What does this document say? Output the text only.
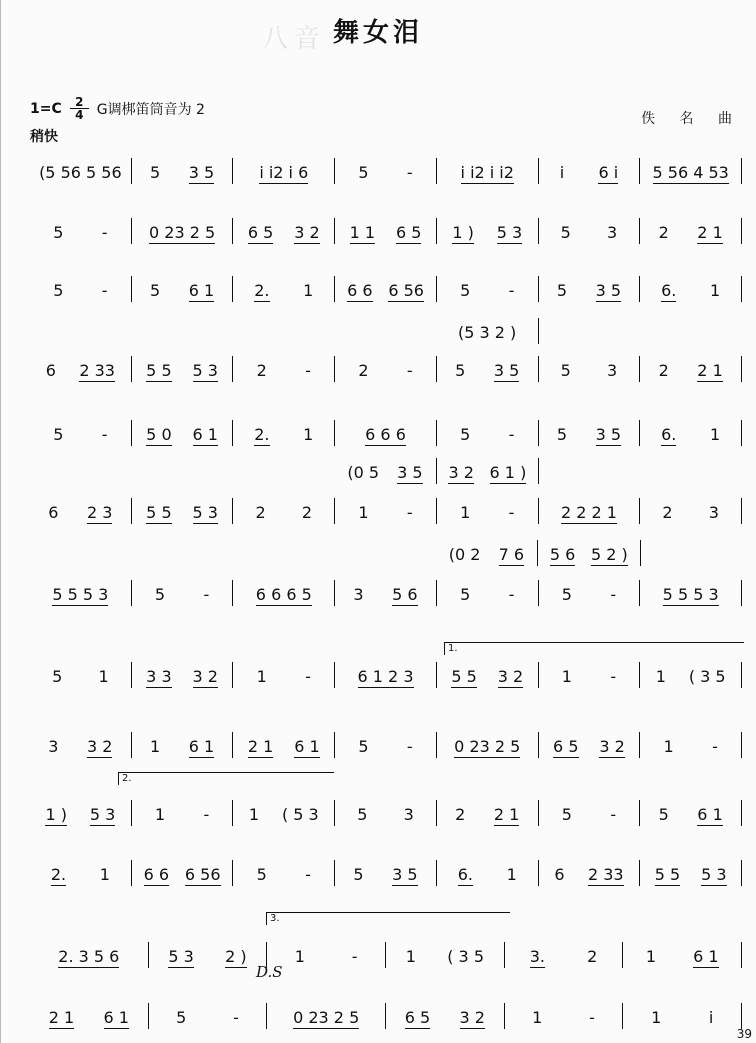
八音 舞女泪
1=C 2
4 G调梆笛筒音为 2
稍快
佚 名 曲
(5 56 5 56 5 3 5	i i2 i 6	5 -	i i2 i i2	i 6 i 5 56 4 53
5 -	0 23 2 5 6 5 3 2 1 1 6 5 1 ) 5 3 5 3	2 2 1
5 -	5 6 1	2. 1 6 6 6 56 5 -	5 3 5	6. 1
(5 3 2 )
6 2 33 5 5 5 3 2 -	2 -	5 3 5	5 3	2 2 1
5 - 5 0 6 1 2. 1	6 6 6	5 -	5 3 5	6. 1
(0 5 3 5 3 2 6 1 )
6 2 3 5 5 5 3 2 2	1 -	1 -	2 2 2 1	2 3
(0 2 7 6 5 6 5 2 )
5 5 5 3	5 -	6 6 6 5	3 5 6	5 -	5 -	5 5 5 3
5 1 3 3 3 2 1 -	6 1 2 3 5 5 3 2 1 - 1 ( 3 5
3 3 2 1 6 1 2 1 6 1 5 -	0 23 2 5 6 5 3 2 1 -
1 ) 5 3 1 - 1 ( 5 3 5 3	2 2 1	5 -	5 6 1
2. 1 6 6 6 56 5 -	5 3 5	6. 1 6 2 33 5 5 5 3
2. 3 5 6	5 3 2 )	1	-	1 ( 3 5	3.	2	1 6 1
2 1 6 1	5	-	0 23 2 5	6 5 3 2	1	-	1	i
1.
2.
3.
D.S
39
